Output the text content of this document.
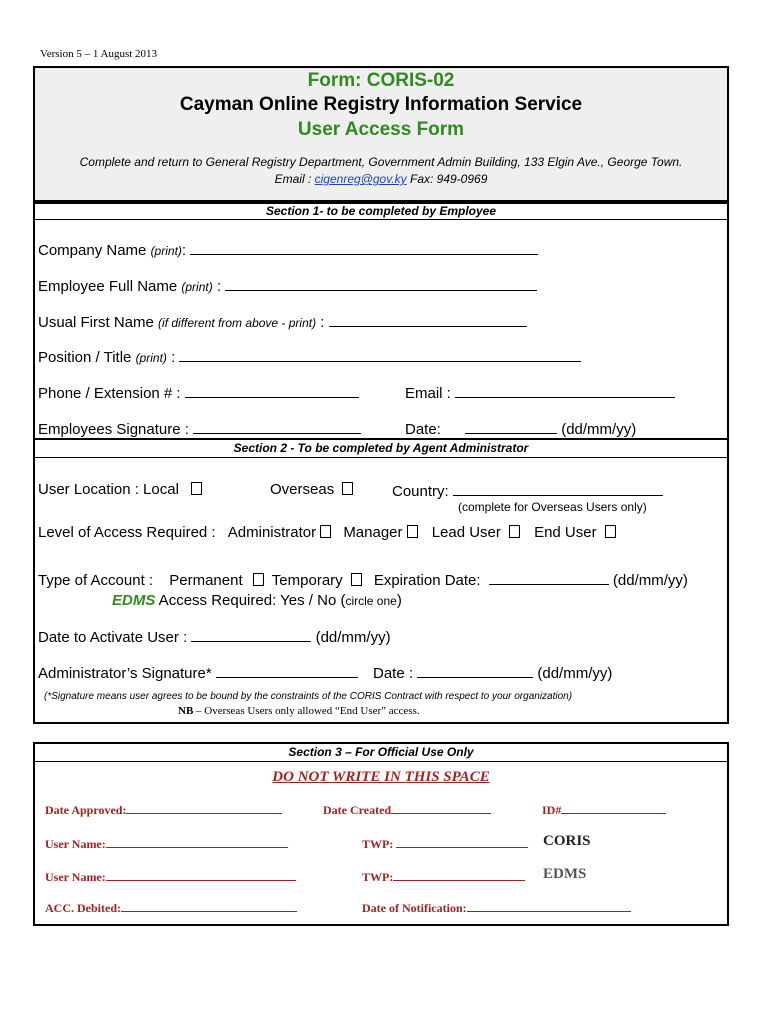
Version 5 – 1 August 2013
Form: CORIS-02
Cayman Online Registry Information Service
User Access Form
Complete and return to General Registry Department, Government Admin Building, 133 Elgin Ave., George Town.
Email : cigenreg@gov.ky Fax: 949-0969
Section 1- to be completed by Employee
Company Name (print):
Employee Full Name (print) :
Usual First Name (if different from above - print) :
Position / Title (print) :
Phone / Extension # :	Email :
Employees Signature :	Date:	(dd/mm/yy)
Section 2 - To be completed by Agent Administrator
User Location : Local	Overseas	Country:
(complete for Overseas Users only)
Level of Access Required : Administrator Manager Lead User End User
Type of Account : Permanent Temporary Expiration Date:	(dd/mm/yy)
EDMS Access Required: Yes / No (circle one)
Date to Activate User :	(dd/mm/yy)
Administrator’s Signature*	Date :	(dd/mm/yy)
(*Signature means user agrees to be bound by the constraints of the CORIS Contract with respect to your organization)
NB – Overseas Users only allowed “End User” access.
Section 3 – For Official Use Only
DO NOT WRITE IN THIS SPACE
Date Approved:	Date Created	ID#
User Name:	TWP:	CORIS
User Name:	TWP:	EDMS
ACC. Debited:	Date of Notification:
